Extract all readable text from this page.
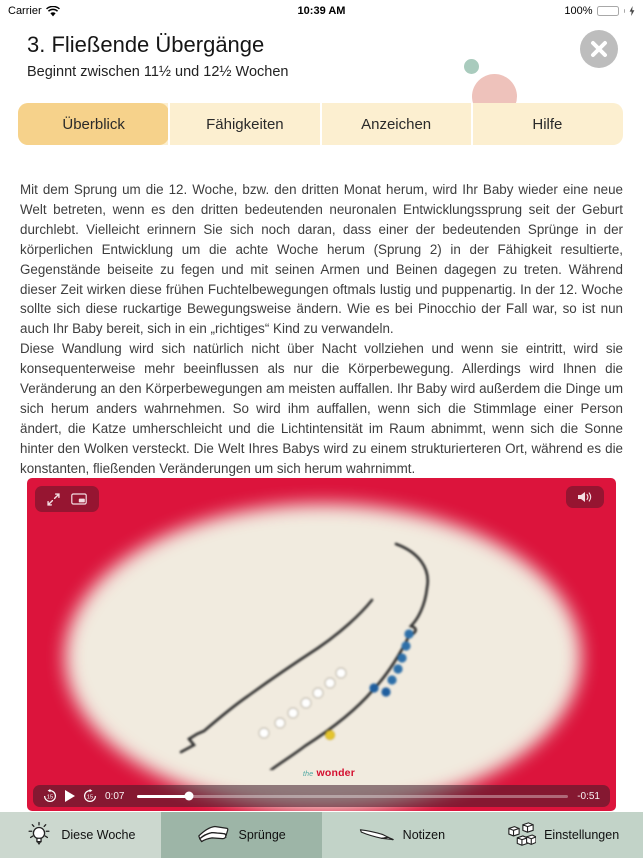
Carrier	10:39 AM	100%
3. Fließende Übergänge
Beginnt zwischen 11½ und 12½ Wochen
Überblick	Fähigkeiten	Anzeichen	Hilfe

Mit dem Sprung um die 12. Woche, bzw. den dritten Monat herum, wird Ihr Baby wieder eine neue Welt betreten, wenn es den dritten bedeutenden neuronalen Entwicklungssprung seit der Geburt durchlebt. Vielleicht erinnern Sie sich noch daran, dass einer der bedeutenden Sprünge in der körperlichen Entwicklung um die achte Woche herum (Sprung 2) in der Fähigkeit resultierte, Gegenstände beiseite zu fegen und mit seinen Armen und Beinen dagegen zu treten. Während dieser Zeit wirken diese frühen Fuchtelbewegungen oftmals lustig und puppenartig. In der 12. Woche sollte sich diese ruckartige Bewegungsweise ändern. Wie es bei Pinocchio der Fall war, so ist nun auch Ihr Baby bereit, sich in ein „richtiges“ Kind zu verwandeln.

Diese Wandlung wird sich natürlich nicht über Nacht vollziehen und wenn sie eintritt, wird sie konsequenterweise mehr beeinflussen als nur die Körperbewegung. Allerdings wird Ihnen die Veränderung an den Körperbewegungen am meisten auffallen. Ihr Baby wird außerdem die Dinge um sich herum anders wahrnehmen. So wird ihm auffallen, wenn sich die Stimmlage einer Person ändert, die Katze umherschleicht und die Lichtintensität im Raum abnimmt, wenn sich die Sonne hinter den Wolken versteckt. Die Welt Ihres Babys wird zu einem strukturierteren Ort, während es die konstanten, fließenden Veränderungen um sich herum wahrnimmt.

the wonder
15	15 0:07	-0:51
Diese Woche	Sprünge	Notizen	Einstellungen
